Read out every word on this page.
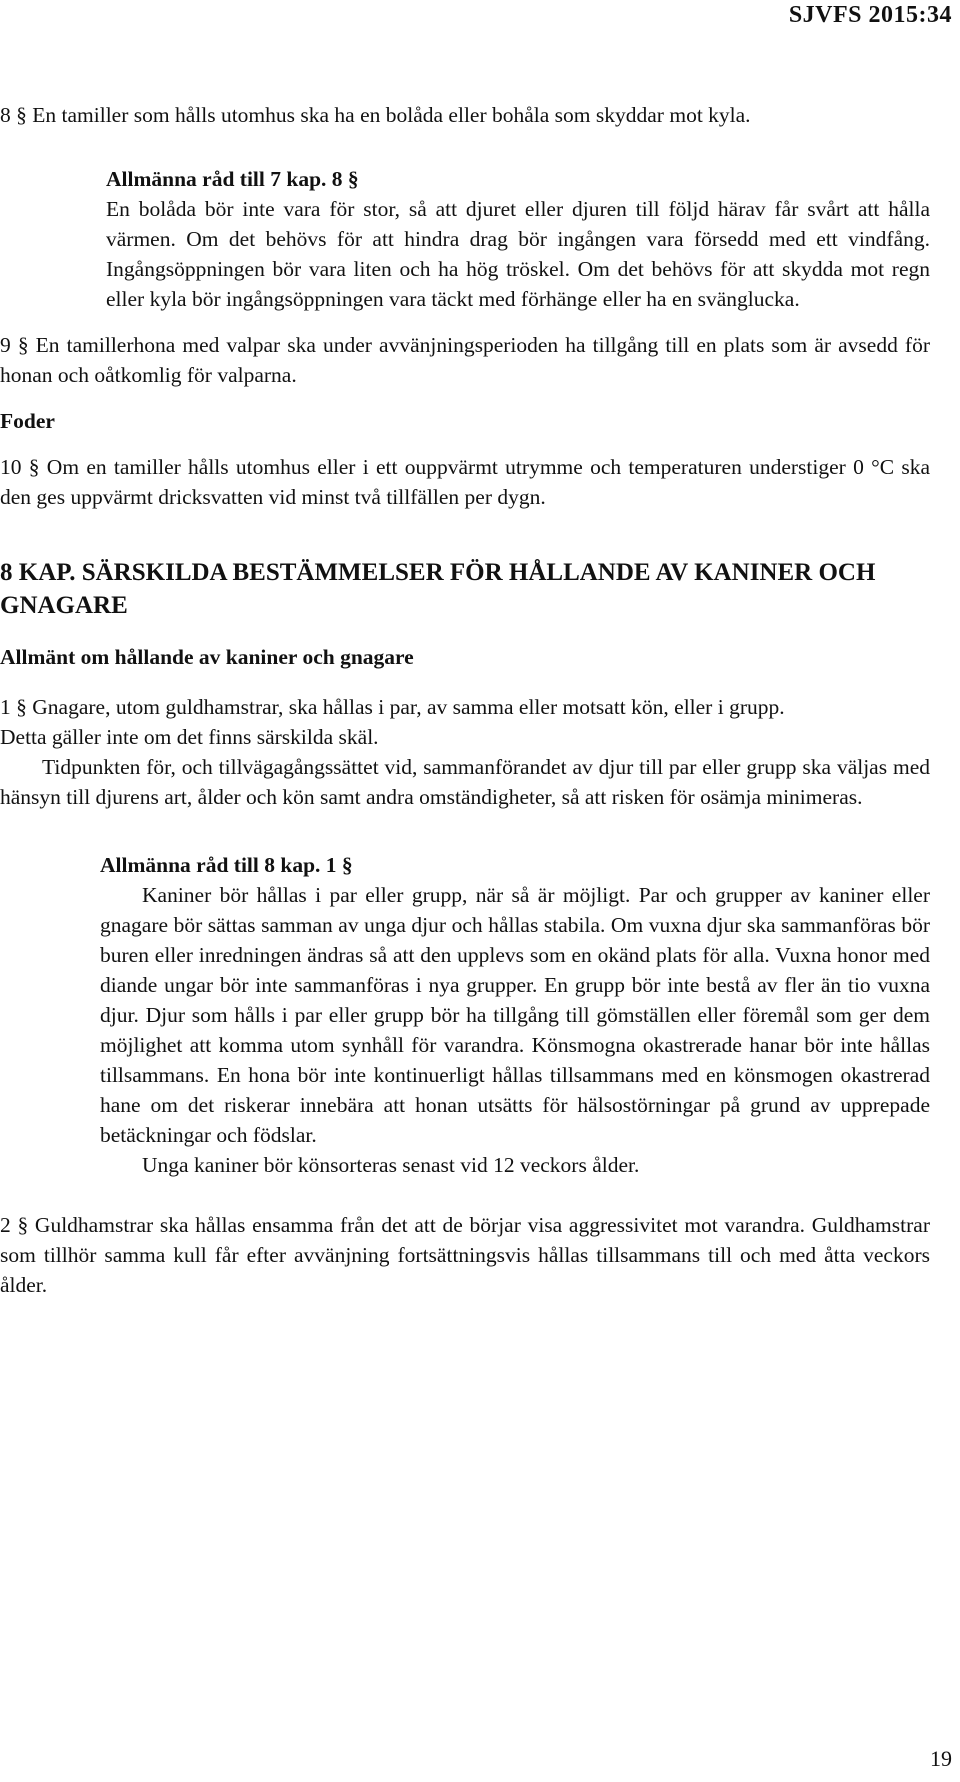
SJVFS 2015:34

8 § En tamiller som hålls utomhus ska ha en bolåda eller bohåla som skyddar mot kyla.

Allmänna råd till 7 kap. 8 §

En bolåda bör inte vara för stor, så att djuret eller djuren till följd härav får svårt att hålla värmen. Om det behövs för att hindra drag bör ingången vara försedd med ett vindfång. Ingångsöppningen bör vara liten och ha hög tröskel. Om det behövs för att skydda mot regn eller kyla bör ingångsöppningen vara täckt med förhänge eller ha en svänglucka.

9 § En tamillerhona med valpar ska under avvänjningsperioden ha tillgång till en plats som är avsedd för honan och oåtkomlig för valparna.

Foder

10 § Om en tamiller hålls utomhus eller i ett ouppvärmt utrymme och temperaturen understiger 0 °C ska den ges uppvärmt dricksvatten vid minst två tillfällen per dygn.

8 KAP. SÄRSKILDA BESTÄMMELSER FÖR HÅLLANDE AV KANINER OCH GNAGARE
Allmänt om hållande av kaniner och gnagare

1 § Gnagare, utom guldhamstrar, ska hållas i par, av samma eller motsatt kön, eller i grupp.

Detta gäller inte om det finns särskilda skäl.

Tidpunkten för, och tillvägagångssättet vid, sammanförandet av djur till par eller grupp ska väljas med hänsyn till djurens art, ålder och kön samt andra omständigheter, så att risken för osämja minimeras.

Allmänna råd till 8 kap. 1 §

Kaniner bör hållas i par eller grupp, när så är möjligt. Par och grupper av kaniner eller gnagare bör sättas samman av unga djur och hållas stabila. Om vuxna djur ska sammanföras bör buren eller inredningen ändras så att den upplevs som en okänd plats för alla. Vuxna honor med diande ungar bör inte sammanföras i nya grupper. En grupp bör inte bestå av fler än tio vuxna djur. Djur som hålls i par eller grupp bör ha tillgång till gömställen eller föremål som ger dem möjlighet att komma utom synhåll för varandra. Könsmogna okastrerade hanar bör inte hållas tillsammans. En hona bör inte kontinuerligt hållas tillsammans med en könsmogen okastrerad hane om det riskerar innebära att honan utsätts för hälsostörningar på grund av upprepade betäckningar och födslar.

Unga kaniner bör könsorteras senast vid 12 veckors ålder.

2 § Guldhamstrar ska hållas ensamma från det att de börjar visa aggressivitet mot varandra. Guldhamstrar som tillhör samma kull får efter avvänjning fortsättningsvis hållas tillsammans till och med åtta veckors ålder.

19
